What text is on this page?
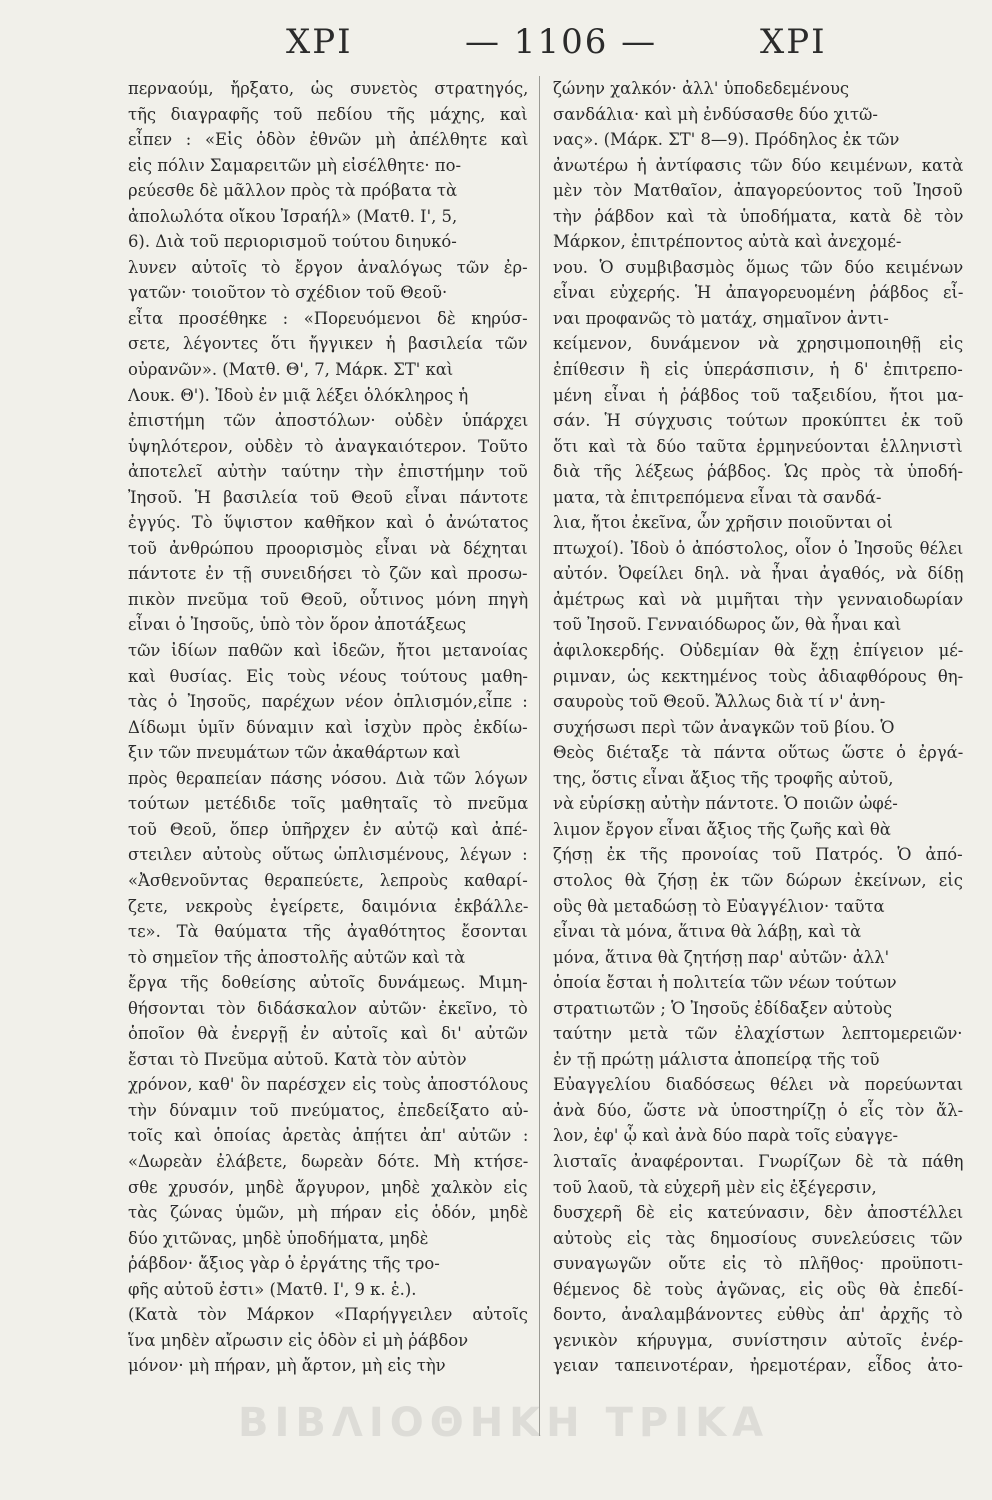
ΧΡΙ	— 1106 —	ΧΡΙ
περναούμ, ἤρξατο, ὡς συνετὸς στρατηγός,
τῆς διαγραφῆς τοῦ πεδίου τῆς μάχης, καὶ
εἶπεν : «Εἰς ὁδὸν ἐθνῶν μὴ ἀπέλθητε καὶ
εἰς πόλιν Σαμαρειτῶν μὴ εἰσέλθητε· πο-
ρεύεσθε δὲ μᾶλλον πρὸς τὰ πρόβατα τὰ
ἀπολωλότα οἴκου Ἰσραήλ» (Ματθ. Ι', 5,
6). Διὰ τοῦ περιορισμοῦ τούτου διηυκό-
λυνεν αὐτοῖς τὸ ἔργον ἀναλόγως τῶν ἐρ-
γατῶν· τοιοῦτον τὸ σχέδιον τοῦ Θεοῦ·
εἶτα προσέθηκε : «Πορευόμενοι δὲ κηρύσ-
σετε, λέγοντες ὅτι ἤγγικεν ἡ βασιλεία τῶν
οὐρανῶν». (Ματθ. Θ', 7, Μάρκ. ΣΤ' καὶ
Λουκ. Θ'). Ἰδοὺ ἐν μιᾷ λέξει ὁλόκληρος ἡ
ἐπιστήμη τῶν ἀποστόλων· οὐδὲν ὑπάρχει
ὑψηλότερον, οὐδὲν τὸ ἀναγκαιότερον. Τοῦτο
ἀποτελεῖ αὐτὴν ταύτην τὴν ἐπιστήμην τοῦ
Ἰησοῦ. Ἡ βασιλεία τοῦ Θεοῦ εἶναι πάντοτε
ἐγγύς. Τὸ ὕψιστον καθῆκον καὶ ὁ ἀνώτατος
τοῦ ἀνθρώπου προορισμὸς εἶναι νὰ δέχηται
πάντοτε ἐν τῇ συνειδήσει τὸ ζῶν καὶ προσω-
πικὸν πνεῦμα τοῦ Θεοῦ, οὗτινος μόνη πηγὴ
εἶναι ὁ Ἰησοῦς, ὑπὸ τὸν ὅρον ἀποτάξεως
τῶν ἰδίων παθῶν καὶ ἰδεῶν, ἤτοι μετανοίας
καὶ θυσίας. Εἰς τοὺς νέους τούτους μαθη-
τὰς ὁ Ἰησοῦς, παρέχων νέον ὁπλισμόν,εἶπε :
Δίδωμι ὑμῖν δύναμιν καὶ ἰσχὺν πρὸς ἐκδίω-
ξιν τῶν πνευμάτων τῶν ἀκαθάρτων καὶ
πρὸς θεραπείαν πάσης νόσου. Διὰ τῶν λόγων
τούτων μετέδιδε τοῖς μαθηταῖς τὸ πνεῦμα
τοῦ Θεοῦ, ὅπερ ὑπῆρχεν ἐν αὐτῷ καὶ ἀπέ-
στειλεν αὐτοὺς οὕτως ὡπλισμένους, λέγων :
«Ἀσθενοῦντας θεραπεύετε, λεπροὺς καθαρί-
ζετε, νεκροὺς ἐγείρετε, δαιμόνια ἐκβάλλε-
τε». Τὰ θαύματα τῆς ἀγαθότητος ἔσονται
τὸ σημεῖον τῆς ἀποστολῆς αὐτῶν καὶ τὰ
ἔργα τῆς δοθείσης αὐτοῖς δυνάμεως. Μιμη-
θήσονται τὸν διδάσκαλον αὐτῶν· ἐκεῖνο, τὸ
ὁποῖον θὰ ἐνεργῇ ἐν αὐτοῖς καὶ δι' αὐτῶν
ἔσται τὸ Πνεῦμα αὐτοῦ. Κατὰ τὸν αὐτὸν
χρόνον, καθ' ὃν παρέσχεν εἰς τοὺς ἀποστόλους
τὴν δύναμιν τοῦ πνεύματος, ἐπεδείξατο αὐ-
τοῖς καὶ ὁποίας ἀρετὰς ἀπῄτει ἀπ' αὐτῶν :
«Δωρεὰν ἐλάβετε, δωρεὰν δότε. Μὴ κτήσε-
σθε χρυσόν, μηδὲ ἄργυρον, μηδὲ χαλκὸν εἰς
τὰς ζώνας ὑμῶν, μὴ πήραν εἰς ὁδόν, μηδὲ
δύο χιτῶνας, μηδὲ ὑποδήματα, μηδὲ
ῥάβδον· ἄξιος γὰρ ὁ ἐργάτης τῆς τρο-
φῆς αὐτοῦ ἐστι» (Ματθ. Ι', 9 κ. ἑ.).
(Κατὰ τὸν Μάρκον «Παρήγγειλεν αὐτοῖς
ἵνα μηδὲν αἴρωσιν εἰς ὁδὸν εἰ μὴ ῥάβδον
μόνον· μὴ πήραν, μὴ ἄρτον, μὴ εἰς τὴν
ζώνην χαλκόν· ἀλλ' ὑποδεδεμένους
σανδάλια· καὶ μὴ ἐνδύσασθε δύο χιτῶ-
νας». (Μάρκ. ΣΤ' 8—9). Πρόδηλος ἐκ τῶν
ἀνωτέρω ἡ ἀντίφασις τῶν δύο κειμένων, κατὰ
μὲν τὸν Ματθαῖον, ἀπαγορεύοντος τοῦ Ἰησοῦ
τὴν ῥάβδον καὶ τὰ ὑποδήματα, κατὰ δὲ τὸν
Μάρκον, ἐπιτρέποντος αὐτὰ καὶ ἀνεχομέ-
νου. Ὁ συμβιβασμὸς ὅμως τῶν δύο κειμένων
εἶναι εὐχερής. Ἡ ἀπαγορευομένη ῥάβδος εἶ-
ναι προφανῶς τὸ ματάχ, σημαῖνον ἀντι-
κείμενον, δυνάμενον νὰ χρησιμοποιηθῇ εἰς
ἐπίθεσιν ἢ εἰς ὑπεράσπισιν, ἡ δ' ἐπιτρεπο-
μένη εἶναι ἡ ῥάβδος τοῦ ταξειδίου, ἤτοι μα-
σάν. Ἡ σύγχυσις τούτων προκύπτει ἐκ τοῦ
ὅτι καὶ τὰ δύο ταῦτα ἑρμηνεύονται ἑλληνιστὶ
διὰ τῆς λέξεως ῥάβδος. Ὡς πρὸς τὰ ὑποδή-
ματα, τὰ ἐπιτρεπόμενα εἶναι τὰ σανδά-
λια, ἤτοι ἐκεῖνα, ὧν χρῆσιν ποιοῦνται οἱ
πτωχοί). Ἰδοὺ ὁ ἀπόστολος, οἷον ὁ Ἰησοῦς θέλει
αὐτόν. Ὀφείλει δηλ. νὰ ἦναι ἀγαθός, νὰ δίδῃ
ἀμέτρως καὶ νὰ μιμῆται τὴν γενναιοδωρίαν
τοῦ Ἰησοῦ. Γενναιόδωρος ὤν, θὰ ἦναι καὶ
ἀφιλοκερδής. Οὐδεμίαν θὰ ἔχῃ ἐπίγειον μέ-
ριμναν, ὡς κεκτημένος τοὺς ἀδιαφθόρους θη-
σαυροὺς τοῦ Θεοῦ. Ἄλλως διὰ τί ν' ἀνη-
συχήσωσι περὶ τῶν ἀναγκῶν τοῦ βίου. Ὁ
Θεὸς διέταξε τὰ πάντα οὕτως ὥστε ὁ ἐργά-
της, ὅστις εἶναι ἄξιος τῆς τροφῆς αὐτοῦ,
νὰ εὑρίσκῃ αὐτὴν πάντοτε. Ὁ ποιῶν ὠφέ-
λιμον ἔργον εἶναι ἄξιος τῆς ζωῆς καὶ θὰ
ζήσῃ ἐκ τῆς προνοίας τοῦ Πατρός. Ὁ ἀπό-
στολος θὰ ζήσῃ ἐκ τῶν δώρων ἐκείνων, εἰς
οὓς θὰ μεταδώσῃ τὸ Εὐαγγέλιον· ταῦτα
εἶναι τὰ μόνα, ἅτινα θὰ λάβῃ, καὶ τὰ
μόνα, ἅτινα θὰ ζητήσῃ παρ' αὐτῶν· ἀλλ'
ὁποία ἔσται ἡ πολιτεία τῶν νέων τούτων
στρατιωτῶν ; Ὁ Ἰησοῦς ἐδίδαξεν αὐτοὺς
ταύτην μετὰ τῶν ἐλαχίστων λεπτομερειῶν·
ἐν τῇ πρώτῃ μάλιστα ἀποπείρᾳ τῆς τοῦ
Εὐαγγελίου διαδόσεως θέλει νὰ πορεύωνται
ἀνὰ δύο, ὥστε νὰ ὑποστηρίζῃ ὁ εἷς τὸν ἄλ-
λον, ἐφ' ᾧ καὶ ἀνὰ δύο παρὰ τοῖς εὐαγγε-
λισταῖς ἀναφέρονται. Γνωρίζων δὲ τὰ πάθη
τοῦ λαοῦ, τὰ εὐχερῆ μὲν εἰς ἐξέγερσιν,
δυσχερῆ δὲ εἰς κατεύνασιν, δὲν ἀποστέλλει
αὐτοὺς εἰς τὰς δημοσίους συνελεύσεις τῶν
συναγωγῶν οὔτε εἰς τὸ πλῆθος· προϋποτι-
θέμενος δὲ τοὺς ἀγῶνας, εἰς οὓς θὰ ἐπεδί-
δοντο, ἀναλαμβάνοντες εὐθὺς ἀπ' ἀρχῆς τὸ
γενικὸν κήρυγμα, συνίστησιν αὐτοῖς ἐνέρ-
γειαν ταπεινοτέραν, ἠρεμοτέραν, εἶδος ἀτο-
ΒΙΒΛΙΟΘΗΚΗ ΤΡΙΚΑ
